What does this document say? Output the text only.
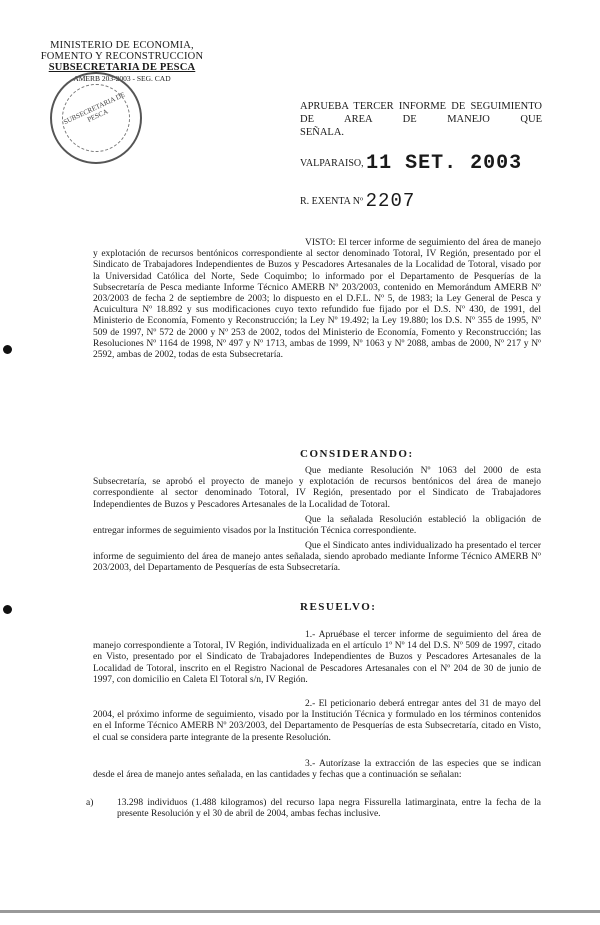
MINISTERIO DE ECONOMIA,
FOMENTO Y RECONSTRUCCION
SUBSECRETARIA DE PESCA
AMERB 203-2003 - SEG. CAD
SUBSECRETARIA DE PESCA
APRUEBA TERCER INFORME DE SEGUIMIENTO DE AREA DE MANEJO QUE
SEÑALA.
VALPARAISO, 11 SET. 2003
R. EXENTA Nº 2207
VISTO: El tercer informe de seguimiento del área de manejo y explotación de recursos bentónicos correspondiente al sector denominado Totoral, IV Región, presentado por el Sindicato de Trabajadores Independientes de Buzos y Pescadores Artesanales de la Localidad de Totoral, visado por la Universidad Católica del Norte, Sede Coquimbo; lo informado por el Departamento de Pesquerías de la Subsecretaría de Pesca mediante Informe Técnico AMERB Nº 203/2003, contenido en Memorándum AMERB Nº 203/2003 de fecha 2 de septiembre de 2003; lo dispuesto en el D.F.L. Nº 5, de 1983; la Ley General de Pesca y Acuicultura Nº 18.892 y sus modificaciones cuyo texto refundido fue fijado por el D.S. Nº 430, de 1991, del Ministerio de Economía, Fomento y Reconstrucción; la Ley Nº 19.492; la Ley 19.880; los D.S. Nº 355 de 1995, Nº 509 de 1997, Nº 572 de 2000 y Nº 253 de 2002, todos del Ministerio de Economía, Fomento y Reconstrucción; las Resoluciones Nº 1164 de 1998, Nº 497 y Nº 1713, ambas de 1999, Nº 1063 y Nº 2088, ambas de 2000, Nº 217 y Nº 2592, ambas de 2002, todas de esta Subsecretaría.
CONSIDERANDO:
Que mediante Resolución Nº 1063 del 2000 de esta Subsecretaría, se aprobó el proyecto de manejo y explotación de recursos bentónicos del área de manejo correspondiente al sector denominado Totoral, IV Región, presentado por el Sindicato de Trabajadores Independientes de Buzos y Pescadores Artesanales de la Localidad de Totoral.
Que la señalada Resolución estableció la obligación de entregar informes de seguimiento visados por la Institución Técnica correspondiente.
Que el Sindicato antes individualizado ha presentado el tercer informe de seguimiento del área de manejo antes señalada, siendo aprobado mediante Informe Técnico AMERB Nº 203/2003, del Departamento de Pesquerías de esta Subsecretaría.
RESUELVO:
1.- Apruébase el tercer informe de seguimiento del área de manejo correspondiente a Totoral, IV Región, individualizada en el artículo 1º Nº 14 del D.S. Nº 509 de 1997, citado en Visto, presentado por el Sindicato de Trabajadores Independientes de Buzos y Pescadores Artesanales de la Localidad de Totoral, inscrito en el Registro Nacional de Pescadores Artesanales con el Nº 204 de 30 de junio de 1997, con domicilio en Caleta El Totoral s/n, IV Región.
2.- El peticionario deberá entregar antes del 31 de mayo del 2004, el próximo informe de seguimiento, visado por la Institución Técnica y formulado en los términos contenidos en el Informe Técnico AMERB Nº 203/2003, del Departamento de Pesquerías de esta Subsecretaría, citado en Visto, el cual se considera parte integrante de la presente Resolución.
3.- Autorízase la extracción de las especies que se indican desde el área de manejo antes señalada, en las cantidades y fechas que a continuación se señalan:
a) 13.298 individuos (1.488 kilogramos) del recurso lapa negra Fissurella latimarginata, entre la fecha de la presente Resolución y el 30 de abril de 2004, ambas fechas inclusive.
